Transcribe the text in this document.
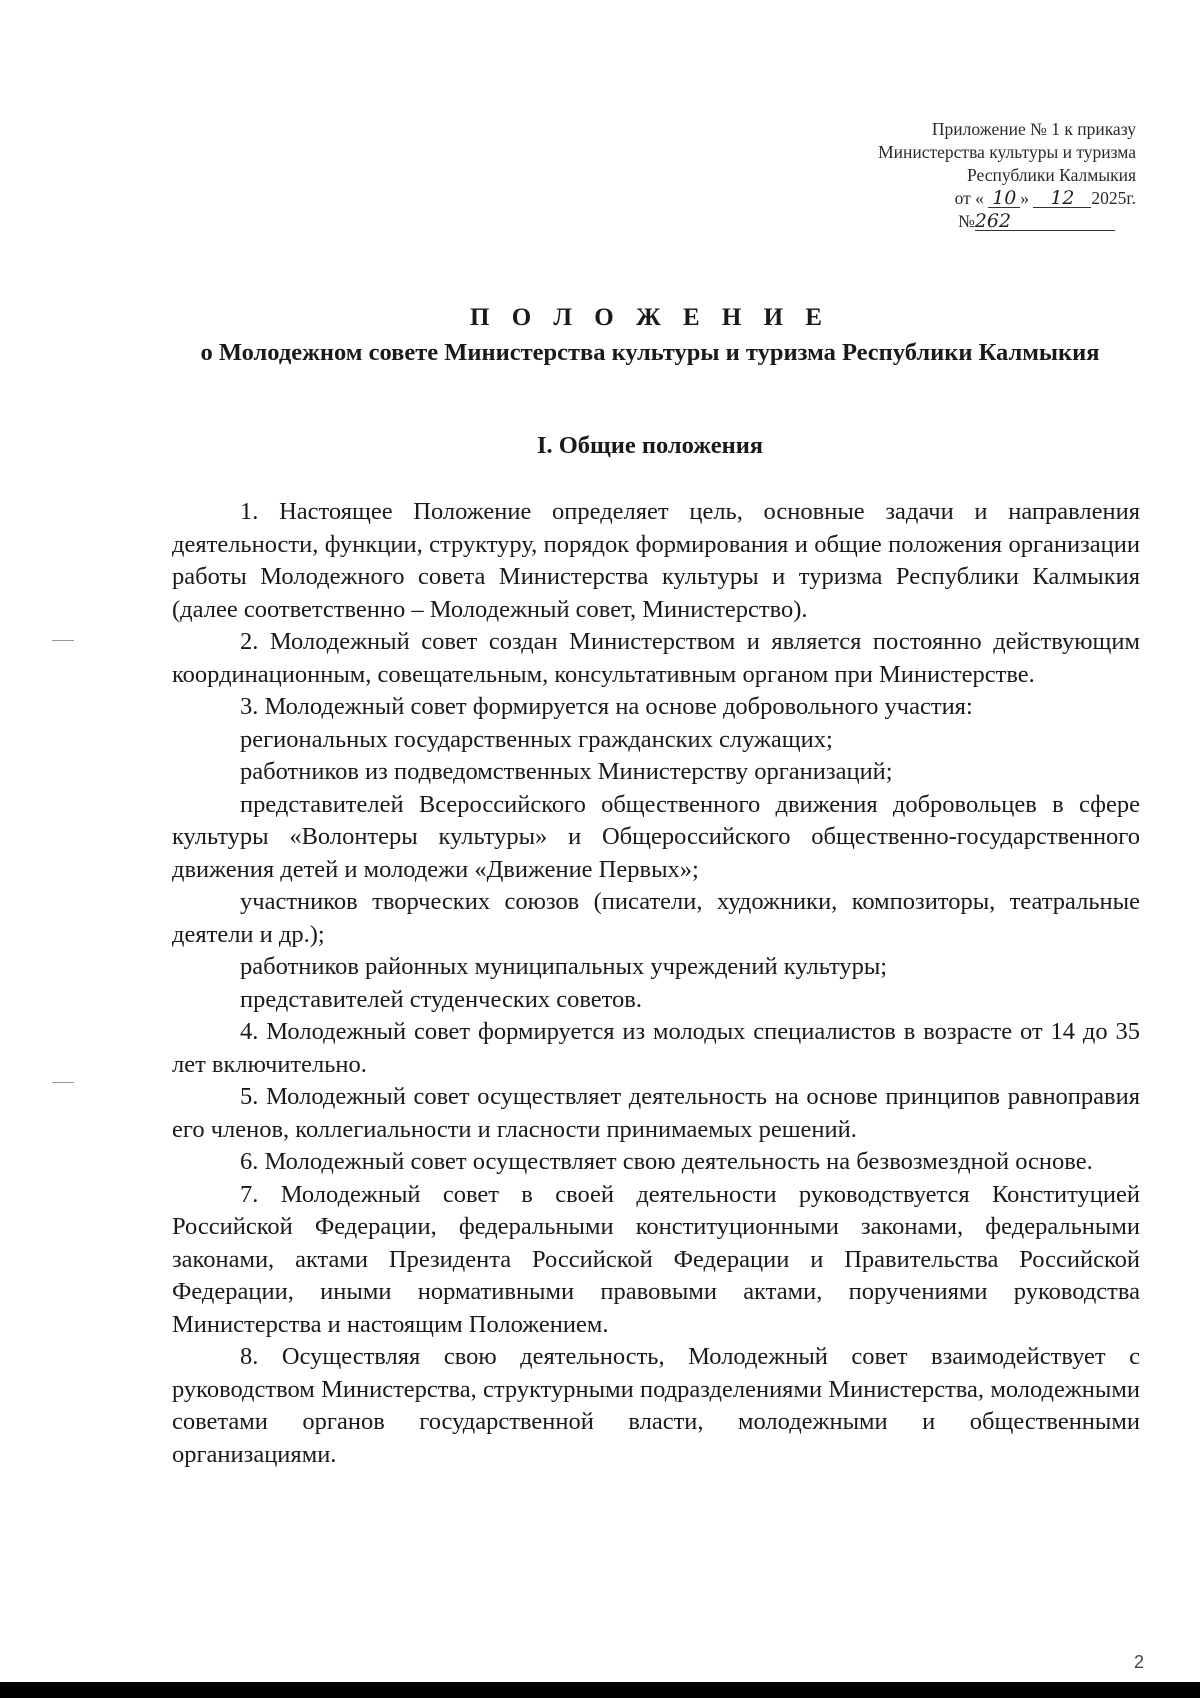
Приложение № 1 к приказу
Министерства культуры и туризма
Республики Калмыкия
от « 10 » 12 2025г.
№262
П О Л О Ж Е Н И Е
о Молодежном совете Министерства культуры и туризма Республики Калмыкия
I. Общие положения

1. Настоящее Положение определяет цель, основные задачи и направления деятельности, функции, структуру, порядок формирования и общие положения организации работы Молодежного совета Министерства культуры и туризма Республики Калмыкия (далее соответственно – Молодежный совет, Министерство).

2. Молодежный совет создан Министерством и является постоянно действующим координационным, совещательным, консультативным органом при Министерстве.

3. Молодежный совет формируется на основе добровольного участия:

региональных государственных гражданских служащих;

работников из подведомственных Министерству организаций;

представителей Всероссийского общественного движения добровольцев в сфере культуры «Волонтеры культуры» и Общероссийского общественно-государственного движения детей и молодежи «Движение Первых»;

участников творческих союзов (писатели, художники, композиторы, театральные деятели и др.);

работников районных муниципальных учреждений культуры;

представителей студенческих советов.

4. Молодежный совет формируется из молодых специалистов в возрасте от 14 до 35 лет включительно.

5. Молодежный совет осуществляет деятельность на основе принципов равноправия его членов, коллегиальности и гласности принимаемых решений.

6. Молодежный совет осуществляет свою деятельность на безвозмездной основе.

7. Молодежный совет в своей деятельности руководствуется Конституцией Российской Федерации, федеральными конституционными законами, федеральными законами, актами Президента Российской Федерации и Правительства Российской Федерации, иными нормативными правовыми актами, поручениями руководства Министерства и настоящим Положением.

8. Осуществляя свою деятельность, Молодежный совет взаимодействует с руководством Министерства, структурными подразделениями Министерства, молодежными советами органов государственной власти, молодежными и общественными организациями.

2
